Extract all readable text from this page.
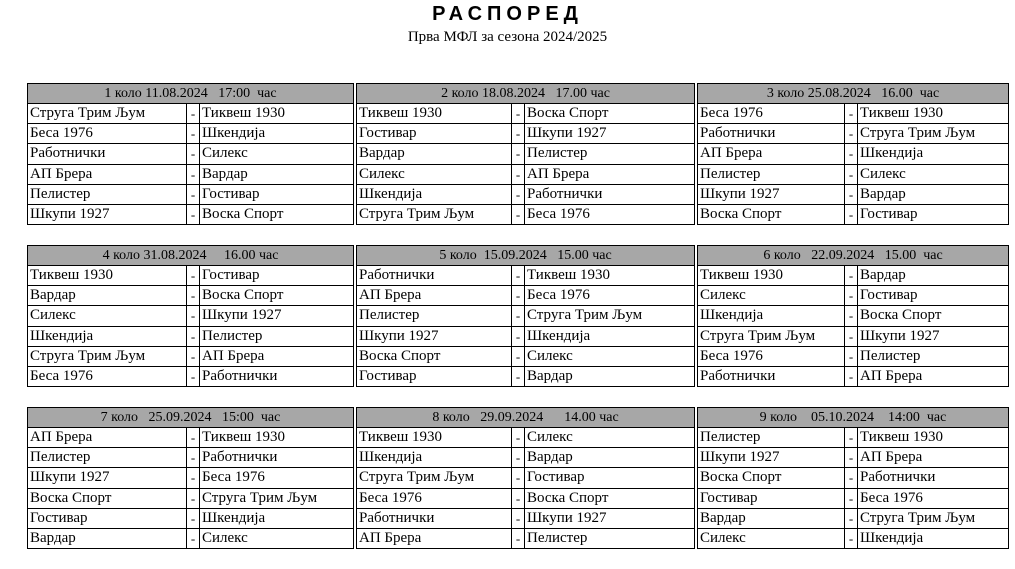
РАСПОРЕД
Прва МФЛ за сезона 2024/2025
1 коло 11.08.2024   17:00  час
Струга Трим Љум	- Тиквеш 1930
Беса 1976	- Шкендија
Работнички	- Силекс
АП Брера	- Вардар
Пелистер	- Гостивар
Шкупи 1927	- Воска Спорт
2 коло 18.08.2024   17.00 час
Тиквеш 1930	- Воска Спорт
Гостивар	- Шкупи 1927
Вардар	- Пелистер
Силекс	- АП Брера
Шкендија	- Работнички
Струга Трим Љум	- Беса 1976
3 коло 25.08.2024   16.00  час
Беса 1976	- Тиквеш 1930
Работнички	- Струга Трим Љум
АП Брера	- Шкендија
Пелистер	- Силекс
Шкупи 1927	- Вардар
Воска Спорт	- Гостивар
4 коло 31.08.2024     16.00 час
Тиквеш 1930	- Гостивар
Вардар	- Воска Спорт
Силекс	- Шкупи 1927
Шкендија	- Пелистер
Струга Трим Љум	- АП Брера
Беса 1976	- Работнички
5 коло  15.09.2024   15.00 час
Работнички	- Тиквеш 1930
АП Брера	- Беса 1976
Пелистер	- Струга Трим Љум
Шкупи 1927	- Шкендија
Воска Спорт	- Силекс
Гостивар	- Вардар
6 коло   22.09.2024   15.00  час
Тиквеш 1930	- Вардар
Силекс	- Гостивар
Шкендија	- Воска Спорт
Струга Трим Љум	- Шкупи 1927
Беса 1976	- Пелистер
Работнички	- АП Брера
7 коло   25.09.2024   15:00  час
АП Брера	- Тиквеш 1930
Пелистер	- Работнички
Шкупи 1927	- Беса 1976
Воска Спорт	- Струга Трим Љум
Гостивар	- Шкендија
Вардар	- Силекс
8 коло   29.09.2024      14.00 час
Тиквеш 1930	- Силекс
Шкендија	- Вардар
Струга Трим Љум	- Гостивар
Беса 1976	- Воска Спорт
Работнички	- Шкупи 1927
АП Брера	- Пелистер
9 коло    05.10.2024    14:00  час
Пелистер	- Тиквеш 1930
Шкупи 1927	- АП Брера
Воска Спорт	- Работнички
Гостивар	- Беса 1976
Вардар	- Струга Трим Љум
Силекс	- Шкендија
